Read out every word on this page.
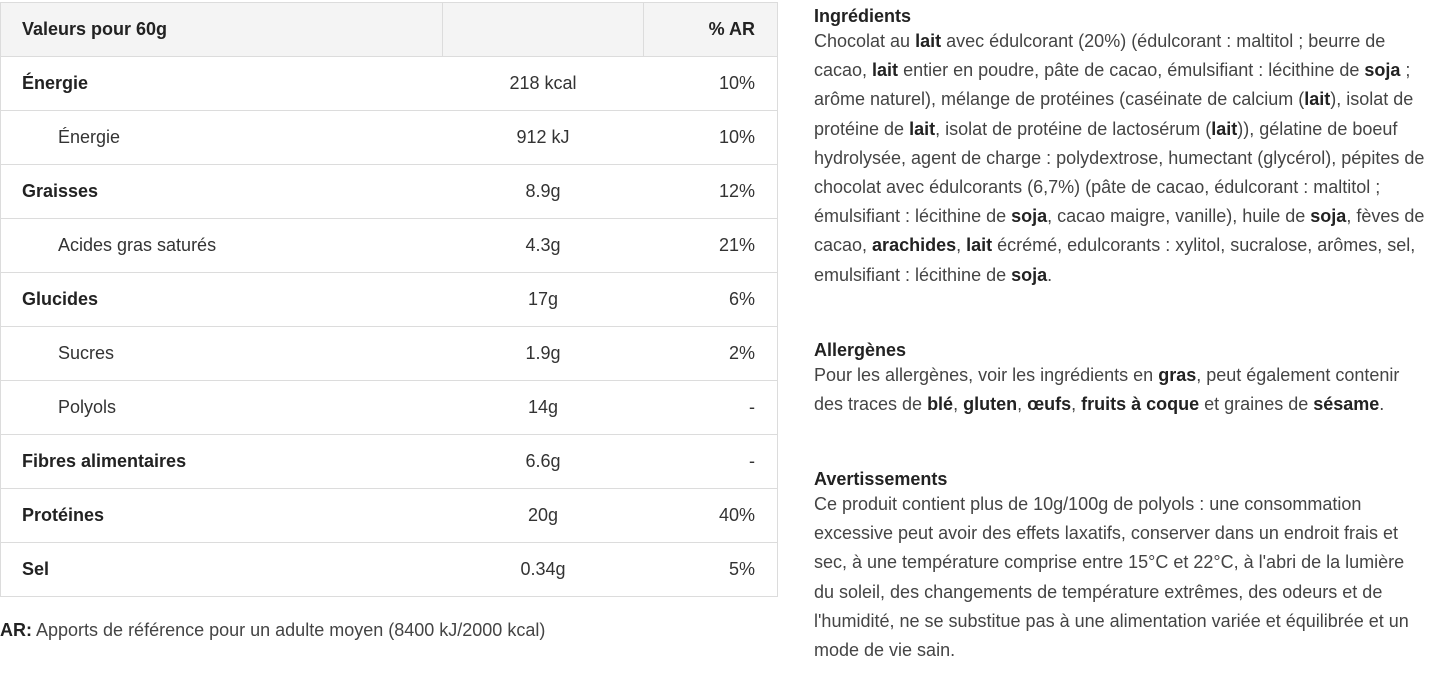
Valeurs pour 60g		% AR
Énergie	218 kcal	10%
Énergie	912 kJ	10%
Graisses	8.9g	12%
Acides gras saturés	4.3g	21%
Glucides	17g	6%
Sucres	1.9g	2%
Polyols	14g	-
Fibres alimentaires	6.6g	-
Protéines	20g	40%
Sel	0.34g	5%
AR: Apports de référence pour un adulte moyen (8400 kJ/2000 kcal)
Ingrédients

Chocolat au lait avec édulcorant (20%) (édulcorant : maltitol ; beurre de cacao, lait entier en poudre, pâte de cacao, émulsifiant : lécithine de soja ; arôme naturel), mélange de protéines (caséinate de calcium (lait), isolat de protéine de lait, isolat de protéine de lactosérum (lait)), gélatine de boeuf hydrolysée, agent de charge : polydextrose, humectant (glycérol), pépites de chocolat avec édulcorants (6,7%) (pâte de cacao, édulcorant : maltitol ; émulsifiant : lécithine de soja, cacao maigre, vanille), huile de soja, fèves de cacao, arachides, lait écrémé, edulcorants : xylitol, sucralose, arômes, sel, emulsifiant : lécithine de soja.

Allergènes

Pour les allergènes, voir les ingrédients en gras, peut également contenir des traces de blé, gluten, œufs, fruits à coque et graines de sésame.

Avertissements

Ce produit contient plus de 10g/100g de polyols : une consommation excessive peut avoir des effets laxatifs, conserver dans un endroit frais et sec, à une température comprise entre 15°C et 22°C, à l'abri de la lumière du soleil, des changements de température extrêmes, des odeurs et de l'humidité, ne se substitue pas à une alimentation variée et équilibrée et un mode de vie sain.
